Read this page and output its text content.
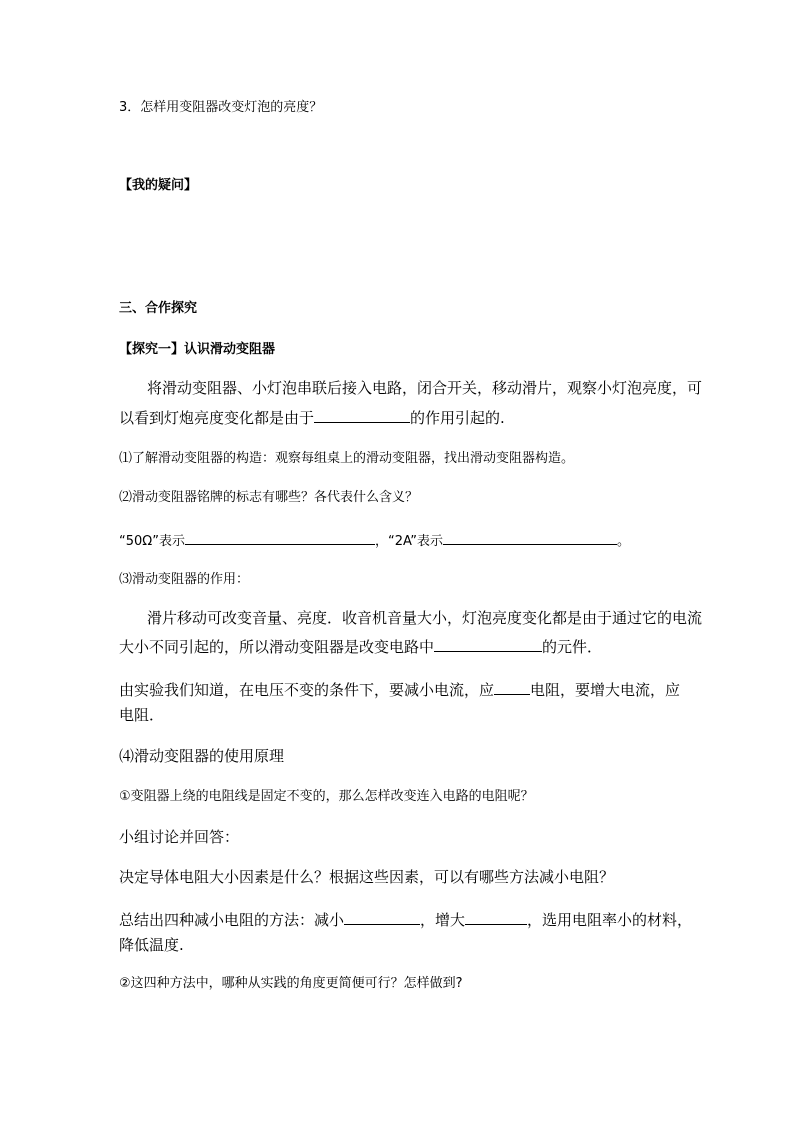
3．怎样用变阻器改变灯泡的亮度？
【我的疑问】
三、合作探究
【探究一】认识滑动变阻器
将滑动变阻器、小灯泡串联后接入电路，闭合开关，移动滑片，观察小灯泡亮度，可
以看到灯炮亮度变化都是由于	的作用引起的.
⑴了解滑动变阻器的构造：观察每组桌上的滑动变阻器，找出滑动变阻器构造。
⑵滑动变阻器铭牌的标志有哪些？各代表什么含义？
“50Ω”表示	，“2A”表示	。
⑶滑动变阻器的作用：
滑片移动可改变音量、亮度．收音机音量大小，灯泡亮度变化都是由于通过它的电流
大小不同引起的，所以滑动变阻器是改变电路中	的元件．
由实验我们知道，在电压不变的条件下，要减小电流，应 电阻，要增大电流，应
电阻．
⑷滑动变阻器的使用原理
①变阻器上绕的电阻线是固定不变的，那么怎样改变连入电路的电阻呢？
小组讨论并回答：
决定导体电阻大小因素是什么？根据这些因素，可以有哪些方法减小电阻？
总结出四种减小电阻的方法：减小	，增大	，选用电阻率小的材料，
降低温度.
②这四种方法中，哪种从实践的角度更简便可行？怎样做到?
